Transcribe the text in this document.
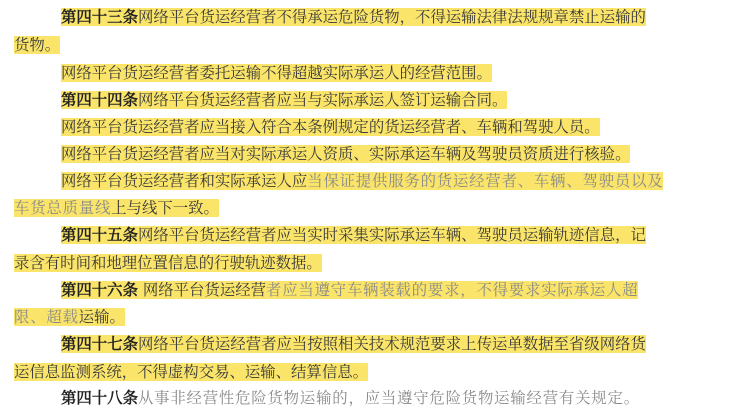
第四十三条网络平台货运经营者不得承运危险货物，不得运输法律法规规章禁止运输的
货物。
网络平台货运经营者委托运输不得超越实际承运人的经营范围。
第四十四条网络平台货运经营者应当与实际承运人签订运输合同。
网络平台货运经营者应当接入符合本条例规定的货运经营者、车辆和驾驶人员。
网络平台货运经营者应当对实际承运人资质、实际承运车辆及驾驶员资质进行核验。
网络平台货运经营者和实际承运人应当保证提供服务的货运经营者、车辆、驾驶员以及
车货总质量线上与线下一致。
第四十五条网络平台货运经营者应当实时采集实际承运车辆、驾驶员运输轨迹信息，记
录含有时间和地理位置信息的行驶轨迹数据。
第四十六条 网络平台货运经营者应当遵守车辆装载的要求，不得要求实际承运人超
限、超载运输。
第四十七条网络平台货运经营者应当按照相关技术规范要求上传运单数据至省级网络货
运信息监测系统，不得虚构交易、运输、结算信息。
第四十八条从事非经营性危险货物运输的，应当遵守危险货物运输经营有关规定。
